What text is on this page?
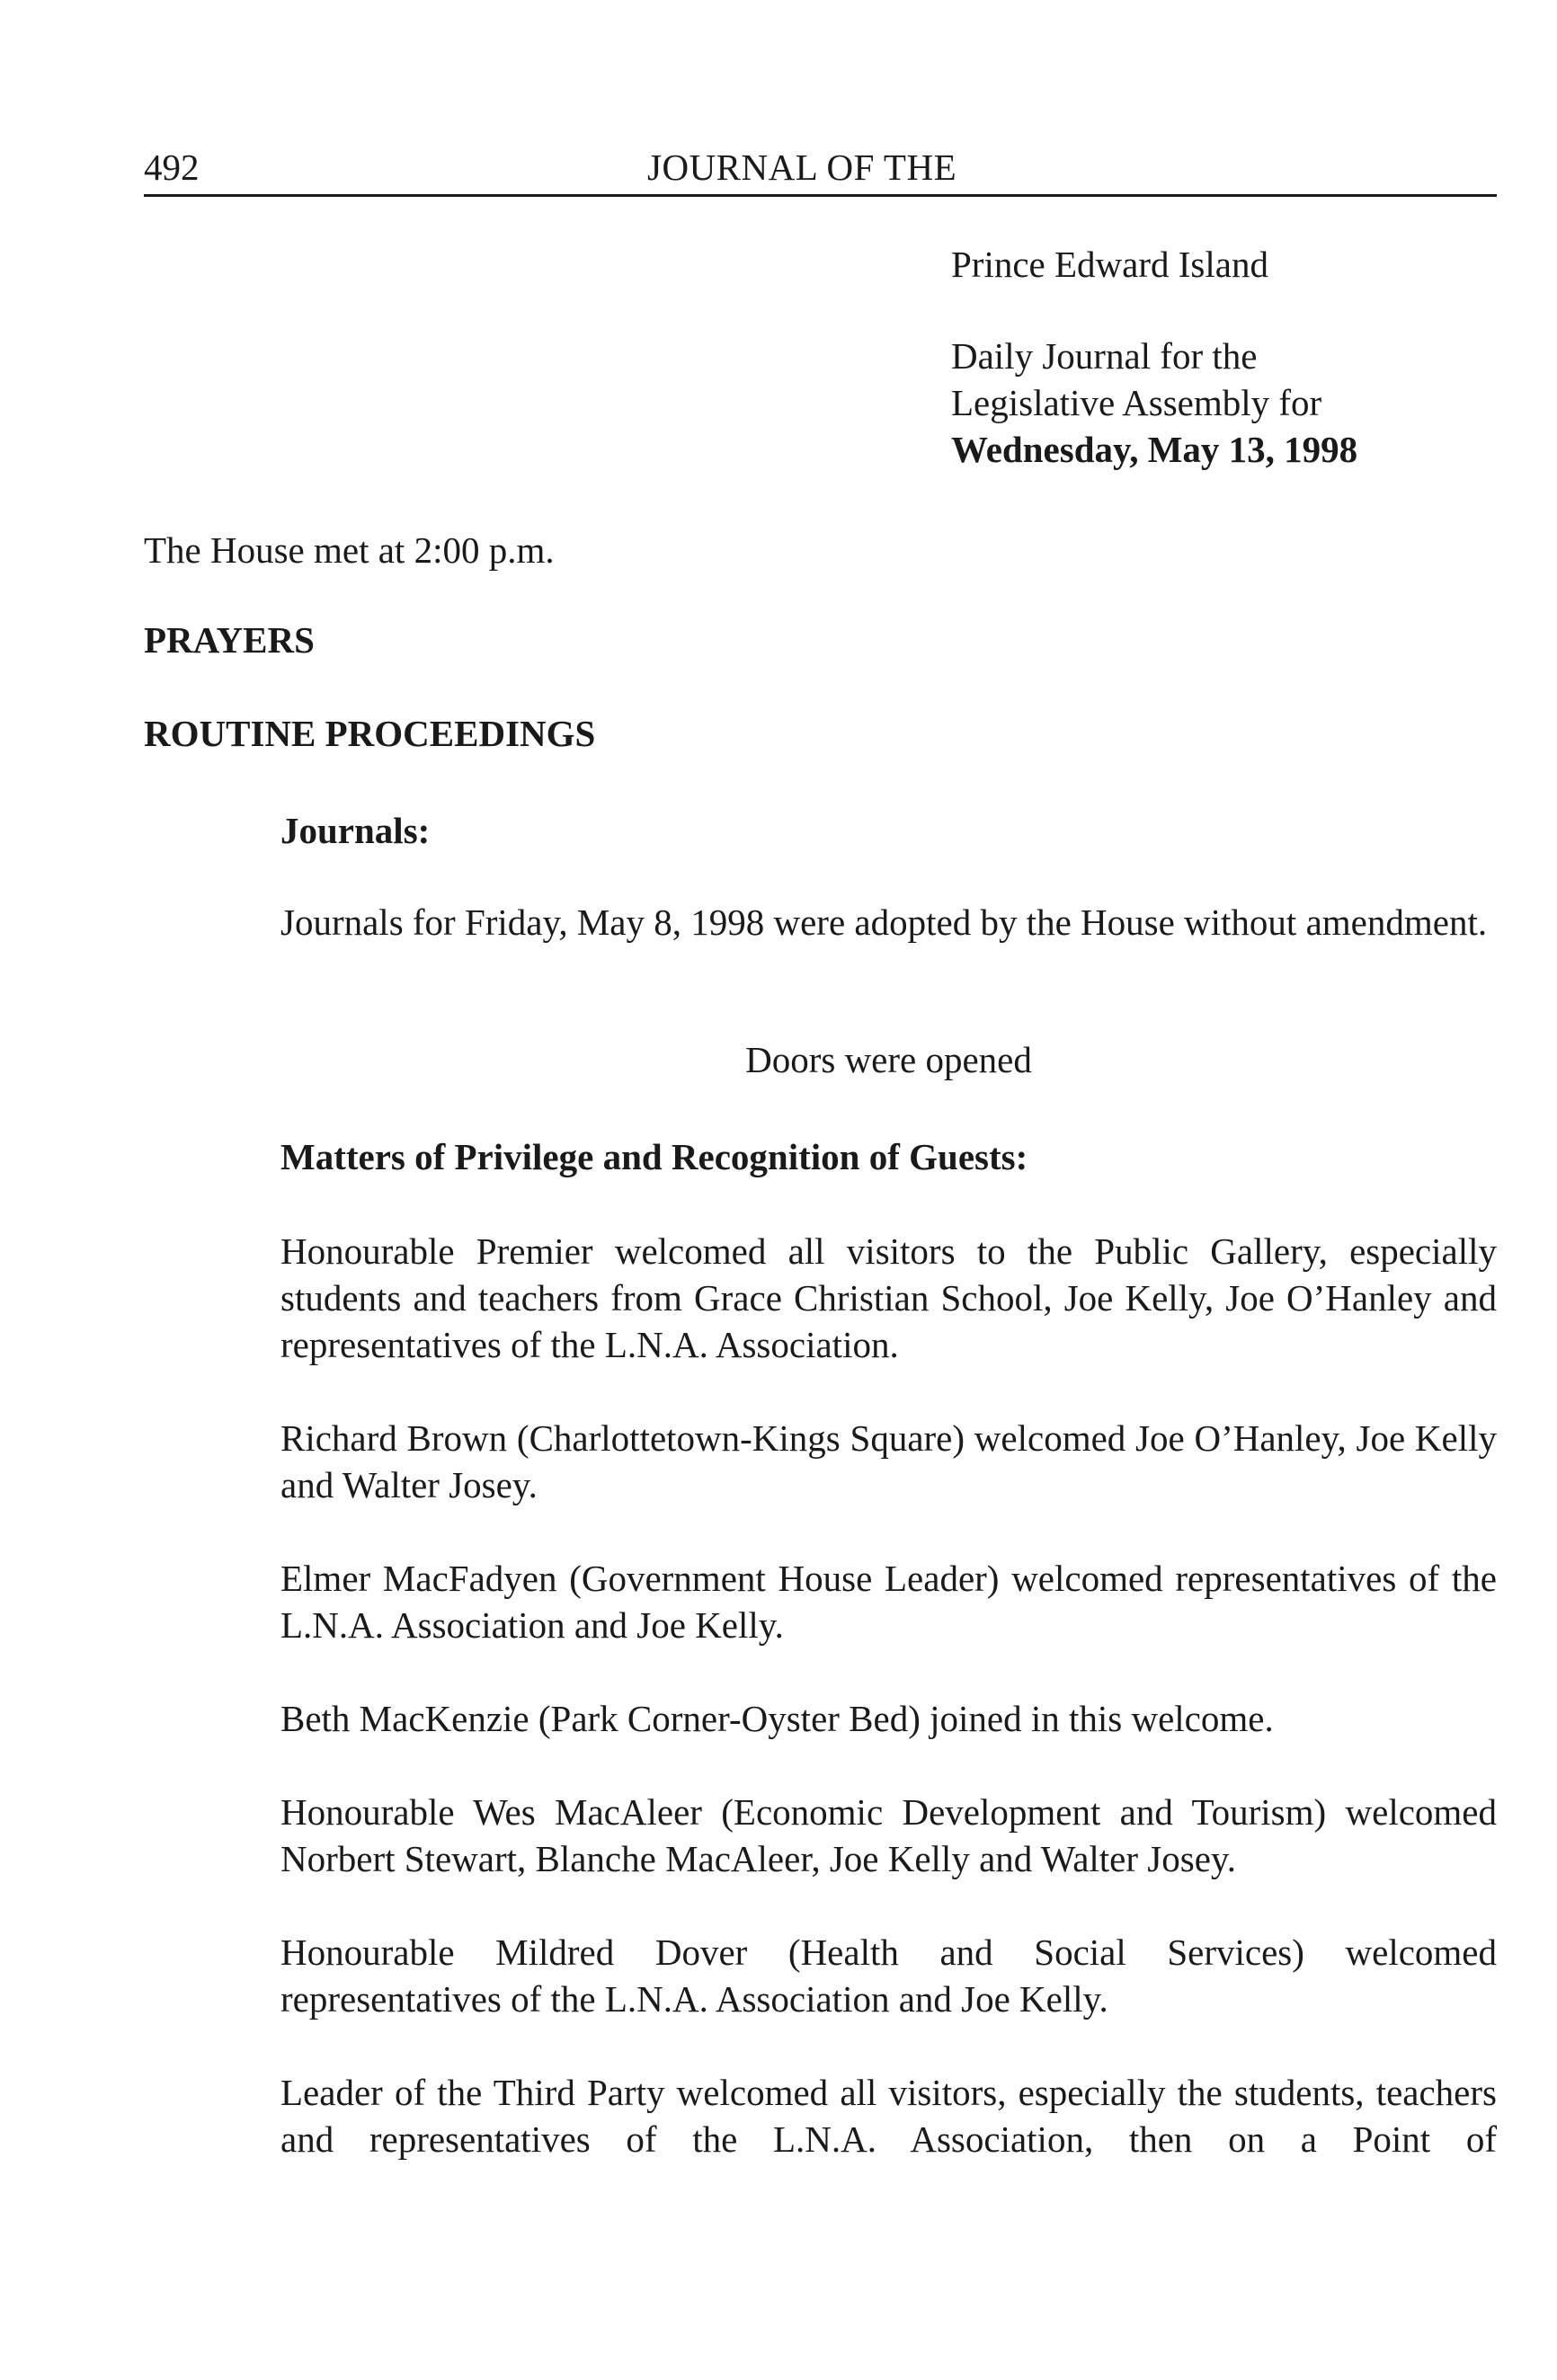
492	JOURNAL OF THE
Prince Edward Island
Daily Journal for the
Legislative Assembly for
Wednesday, May 13, 1998
The House met at 2:00 p.m.
PRAYERS
ROUTINE PROCEEDINGS
Journals:

Journals for Friday, May 8, 1998 were adopted by the House without amendment.

Doors were opened
Matters of Privilege and Recognition of Guests:

Honourable Premier welcomed all visitors to the Public Gallery, especially students and teachers from Grace Christian School, Joe Kelly, Joe O’Hanley and representatives of the L.N.A. Association.

Richard Brown (Charlottetown-Kings Square) welcomed Joe O’Hanley, Joe Kelly and Walter Josey.

Elmer MacFadyen (Government House Leader) welcomed representatives of the L.N.A. Association and Joe Kelly.

Beth MacKenzie (Park Corner-Oyster Bed) joined in this welcome.

Honourable Wes MacAleer (Economic Development and Tourism) welcomed Norbert Stewart, Blanche MacAleer, Joe Kelly and Walter Josey.

Honourable Mildred Dover (Health and Social Services) welcomed representatives of the L.N.A. Association and Joe Kelly.

Leader of the Third Party welcomed all visitors, especially the students, teachers and representatives of the L.N.A. Association, then on a Point of
